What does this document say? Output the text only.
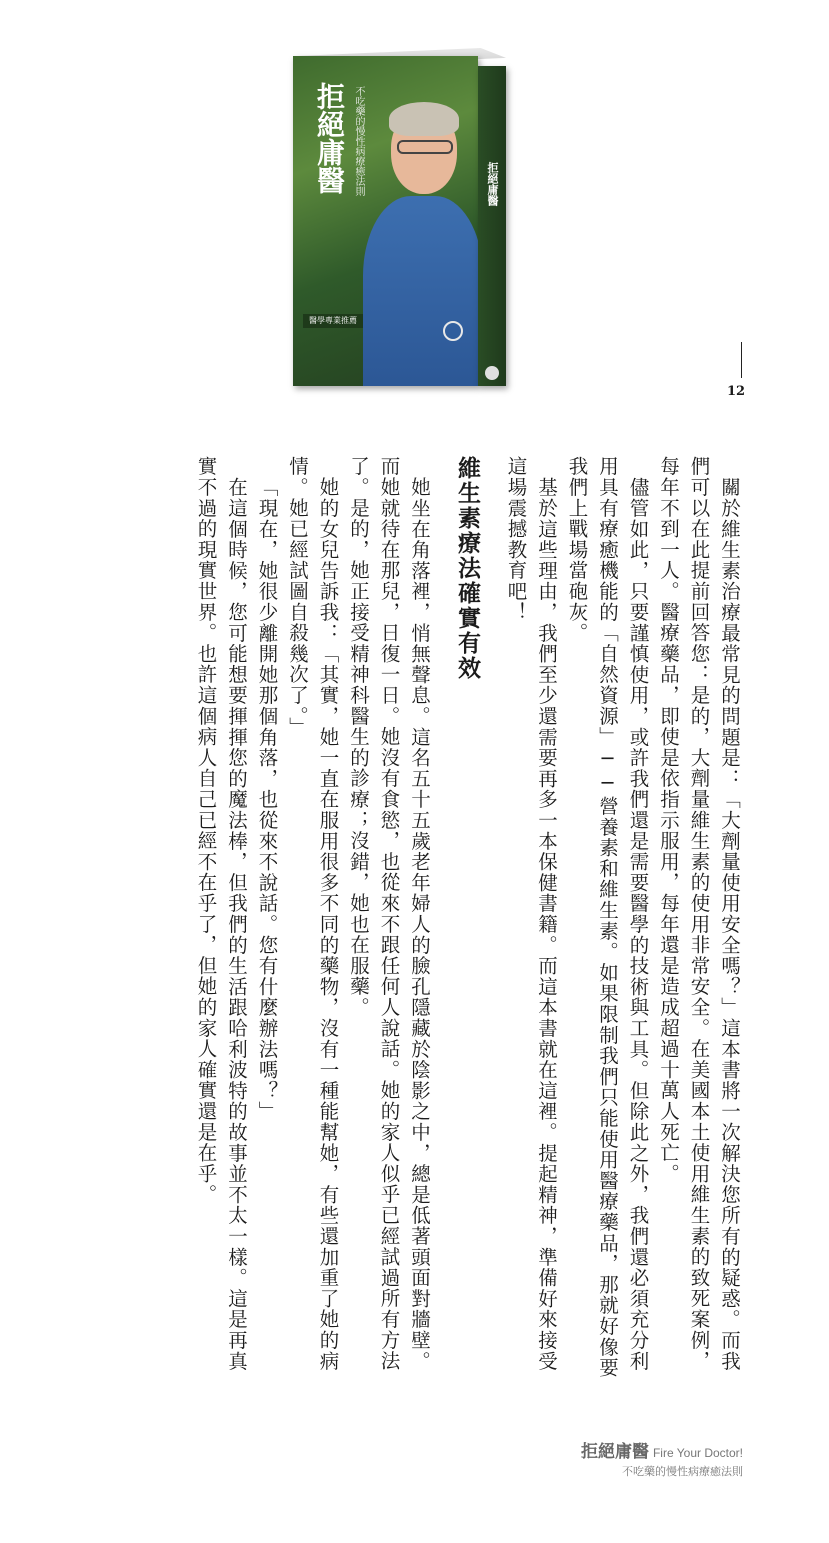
拒絕庸醫 不吃藥的慢性病療癒法則
醫學專業推薦
拒絕庸醫
12

關於維生素治療最常見的問題是：「大劑量使用安全嗎？」這本書將一次解決您所有的疑惑。而我們可以在此提前回答您：是的，大劑量維生素的使用非常安全。在美國本土使用維生素的致死案例，每年不到一人。醫療藥品，即使是依指示服用，每年還是造成超過十萬人死亡。

儘管如此，只要謹慎使用，或許我們還是需要醫學的技術與工具。但除此之外，我們還必須充分利用具有療癒機能的「自然資源」──營養素和維生素。如果限制我們只能使用醫療藥品，那就好像要我們上戰場當砲灰。

基於這些理由，我們至少還需要再多一本保健書籍。而這本書就在這裡。提起精神，準備好來接受這場震撼教育吧！

維生素療法確實有效

她坐在角落裡，悄無聲息。這名五十五歲老年婦人的臉孔隱藏於陰影之中，總是低著頭面對牆壁。而她就待在那兒，日復一日。她沒有食慾，也從來不跟任何人說話。她的家人似乎已經試過所有方法了。是的，她正接受精神科醫生的診療；沒錯，她也在服藥。

她的女兒告訴我：「其實，她一直在服用很多不同的藥物，沒有一種能幫她，有些還加重了她的病情。她已經試圖自殺幾次了。」

「現在，她很少離開她那個角落，也從來不說話。您有什麼辦法嗎？」

在這個時候，您可能想要揮揮您的魔法棒，但我們的生活跟哈利波特的故事並不太一樣。這是再真實不過的現實世界。也許這個病人自己已經不在乎了，但她的家人確實還是在乎。

拒絕庸醫 Fire Your Doctor!
不吃藥的慢性病療癒法則
